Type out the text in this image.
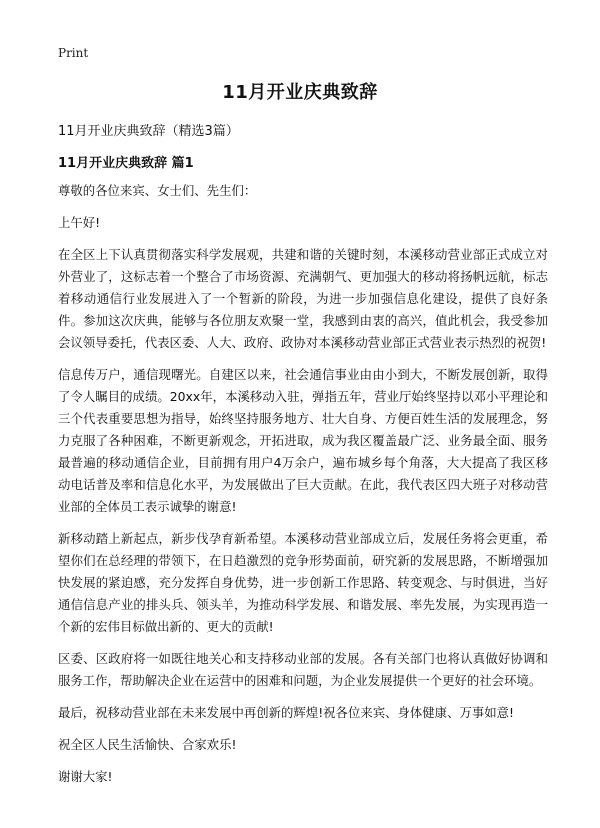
Print
11月开业庆典致辞
11月开业庆典致辞（精选3篇）
11月开业庆典致辞 篇1

尊敬的各位来宾、女士们、先生们：

上午好!

在全区上下认真贯彻落实科学发展观，共建和谐的关键时刻，本溪移动营业部正式成立对外营业了，这标志着一个整合了市场资源、充满朝气、更加强大的移动将扬帆远航，标志着移动通信行业发展进入了一个暂新的阶段，为进一步加强信息化建设，提供了良好条件。参加这次庆典，能够与各位朋友欢聚一堂，我感到由衷的高兴，值此机会，我受参加会议领导委托，代表区委、人大、政府、政协对本溪移动营业部正式营业表示热烈的祝贺!

信息传万户，通信现曙光。自建区以来，社会通信事业由由小到大，不断发展创新，取得了令人瞩目的成绩。20xx年，本溪移动入驻，弹指五年，营业厅始终坚持以邓小平理论和三个代表重要思想为指导，始终坚持服务地方、壮大自身、方便百姓生活的发展理念，努力克服了各种困难，不断更新观念，开拓进取，成为我区覆盖最广泛、业务最全面、服务最普遍的移动通信企业，目前拥有用户4万余户，遍布城乡每个角落，大大提高了我区移动电话普及率和信息化水平，为发展做出了巨大贡献。在此，我代表区四大班子对移动营业部的全体员工表示诚挚的谢意!

新移动踏上新起点，新步伐孕育新希望。本溪移动营业部成立后，发展任务将会更重，希望你们在总经理的带领下，在日趋激烈的竞争形势面前，研究新的发展思路，不断增强加快发展的紧迫感，充分发挥自身优势，进一步创新工作思路、转变观念、与时俱进，当好通信信息产业的排头兵、领头羊，为推动科学发展、和谐发展、率先发展，为实现再造一个新的宏伟目标做出新的、更大的贡献!

区委、区政府将一如既往地关心和支持移动业部的发展。各有关部门也将认真做好协调和服务工作，帮助解决企业在运营中的困难和问题，为企业发展提供一个更好的社会环境。

最后，祝移动营业部在未来发展中再创新的辉煌!祝各位来宾、身体健康、万事如意!

祝全区人民生活愉快、合家欢乐!

谢谢大家!
